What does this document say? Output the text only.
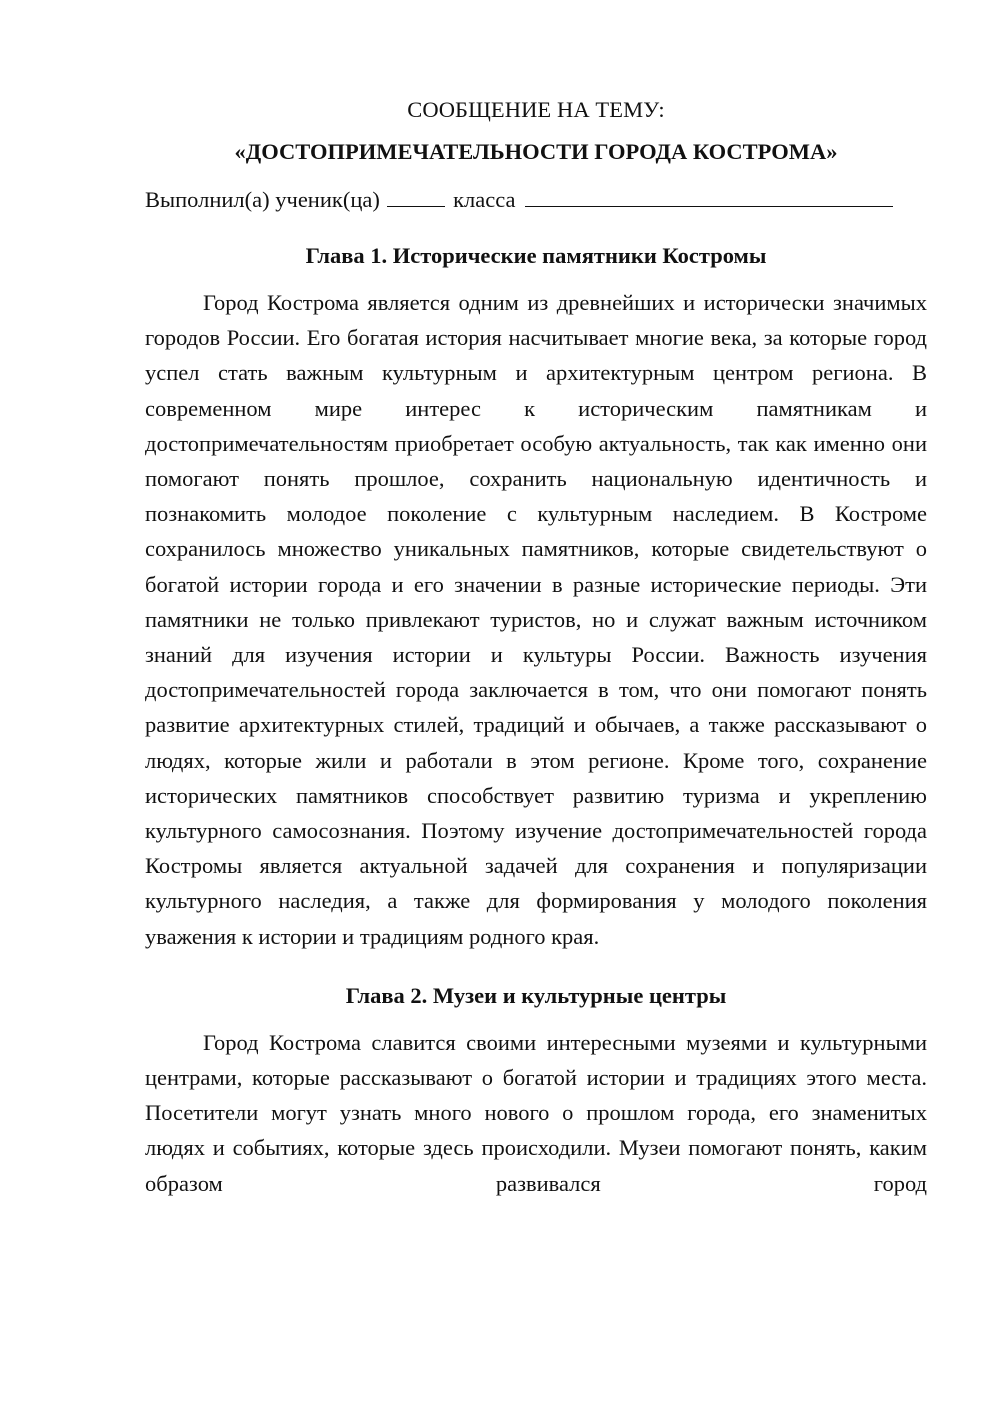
СООБЩЕНИЕ НА ТЕМУ:

«ДОСТОПРИМЕЧАТЕЛЬНОСТИ ГОРОДА КОСТРОМА»

Выполнил(а) ученик(ца)	класса

Глава 1. Исторические памятники Костромы

Город Кострома является одним из древнейших и исторически значимых городов России. Его богатая история насчитывает многие века, за которые город успел стать важным культурным и архитектурным центром региона. В современном мире интерес к историческим памятникам и достопримечательностям приобретает особую актуальность, так как именно они помогают понять прошлое, сохранить национальную идентичность и познакомить молодое поколение с культурным наследием. В Костроме сохранилось множество уникальных памятников, которые свидетельствуют о богатой истории города и его значении в разные исторические периоды. Эти памятники не только привлекают туристов, но и служат важным источником знаний для изучения истории и культуры России. Важность изучения достопримечательностей города заключается в том, что они помогают понять развитие архитектурных стилей, традиций и обычаев, а также рассказывают о людях, которые жили и работали в этом регионе. Кроме того, сохранение исторических памятников способствует развитию туризма и укреплению культурного самосознания. Поэтому изучение достопримечательностей города Костромы является актуальной задачей для сохранения и популяризации культурного наследия, а также для формирования у молодого поколения уважения к истории и традициям родного края.

Глава 2. Музеи и культурные центры

Город Кострома славится своими интересными музеями и культурными центрами, которые рассказывают о богатой истории и традициях этого места. Посетители могут узнать много нового о прошлом города, его знаменитых людях и событиях, которые здесь происходили. Музеи помогают понять, каким образом развивался город
